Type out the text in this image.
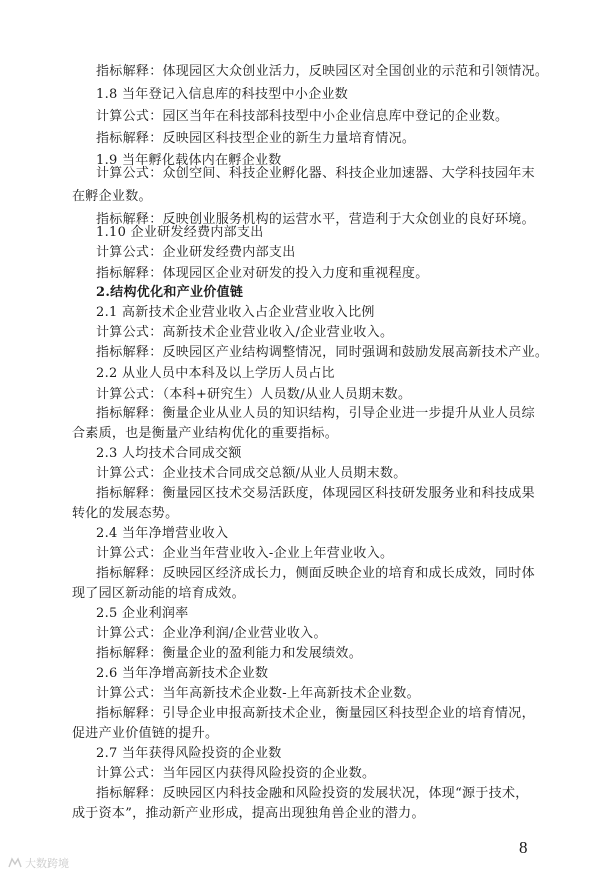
指标解释：体现园区大众创业活力，反映园区对全国创业的示范和引领情况。
1.8 当年登记入信息库的科技型中小企业数
计算公式：园区当年在科技部科技型中小企业信息库中登记的企业数。
指标解释：反映园区科技型企业的新生力量培育情况。
1.9 当年孵化载体内在孵企业数
计算公式：众创空间、科技企业孵化器、科技企业加速器、大学科技园年末
在孵企业数。
指标解释：反映创业服务机构的运营水平，营造利于大众创业的良好环境。
1.10 企业研发经费内部支出
计算公式：企业研发经费内部支出
指标解释：体现园区企业对研发的投入力度和重视程度。
2.结构优化和产业价值链
2.1 高新技术企业营业收入占企业营业收入比例
计算公式：高新技术企业营业收入/企业营业收入。
指标解释：反映园区产业结构调整情况，同时强调和鼓励发展高新技术产业。
2.2 从业人员中本科及以上学历人员占比
计算公式：（本科+研究生）人员数/从业人员期末数。
指标解释：衡量企业从业人员的知识结构，引导企业进一步提升从业人员综
合素质，也是衡量产业结构优化的重要指标。
2.3 人均技术合同成交额
计算公式：企业技术合同成交总额/从业人员期末数。
指标解释：衡量园区技术交易活跃度，体现园区科技研发服务业和科技成果
转化的发展态势。
2.4 当年净增营业收入
计算公式：企业当年营业收入-企业上年营业收入。
指标解释：反映园区经济成长力，侧面反映企业的培育和成长成效，同时体
现了园区新动能的培育成效。
2.5 企业利润率
计算公式：企业净利润/企业营业收入。
指标解释：衡量企业的盈利能力和发展绩效。
2.6 当年净增高新技术企业数
计算公式：当年高新技术企业数-上年高新技术企业数。
指标解释：引导企业申报高新技术企业，衡量园区科技型企业的培育情况，
促进产业价值链的提升。
2.7 当年获得风险投资的企业数
计算公式：当年园区内获得风险投资的企业数。
指标解释：反映园区内科技金融和风险投资的发展状况，体现“源于技术，
成于资本”，推动新产业形成，提高出现独角兽企业的潜力。
8
大数跨境
